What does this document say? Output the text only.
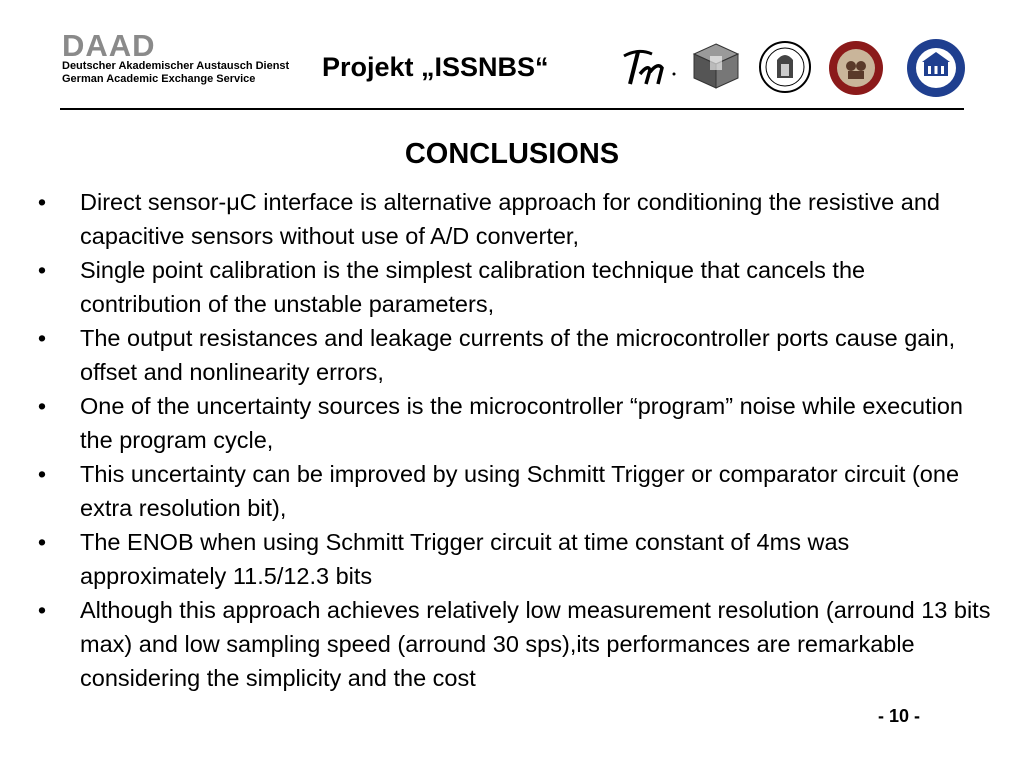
DAAD
Deutscher Akademischer Austausch Dienst
German Academic Exchange Service Projekt „ISSNBS“
CONCLUSIONS
• Direct sensor-μC interface is alternative approach for conditioning the resistive and capacitive sensors without use of A/D converter,
• Single point calibration is the simplest calibration technique that cancels the contribution of the unstable parameters,
• The output resistances and leakage currents of the microcontroller ports cause gain, offset and nonlinearity errors,
• One of the uncertainty sources is the microcontroller “program” noise while execution the program cycle,
• This uncertainty can be improved by using Schmitt Trigger or comparator circuit (one extra resolution bit),
• The ENOB when using Schmitt Trigger circuit at time constant of 4ms was approximately 11.5/12.3 bits
• Although this approach achieves relatively low measurement resolution (arround 13 bits max) and low sampling speed (arround 30 sps),its performances are remarkable considering the simplicity and the cost
- 10 -
